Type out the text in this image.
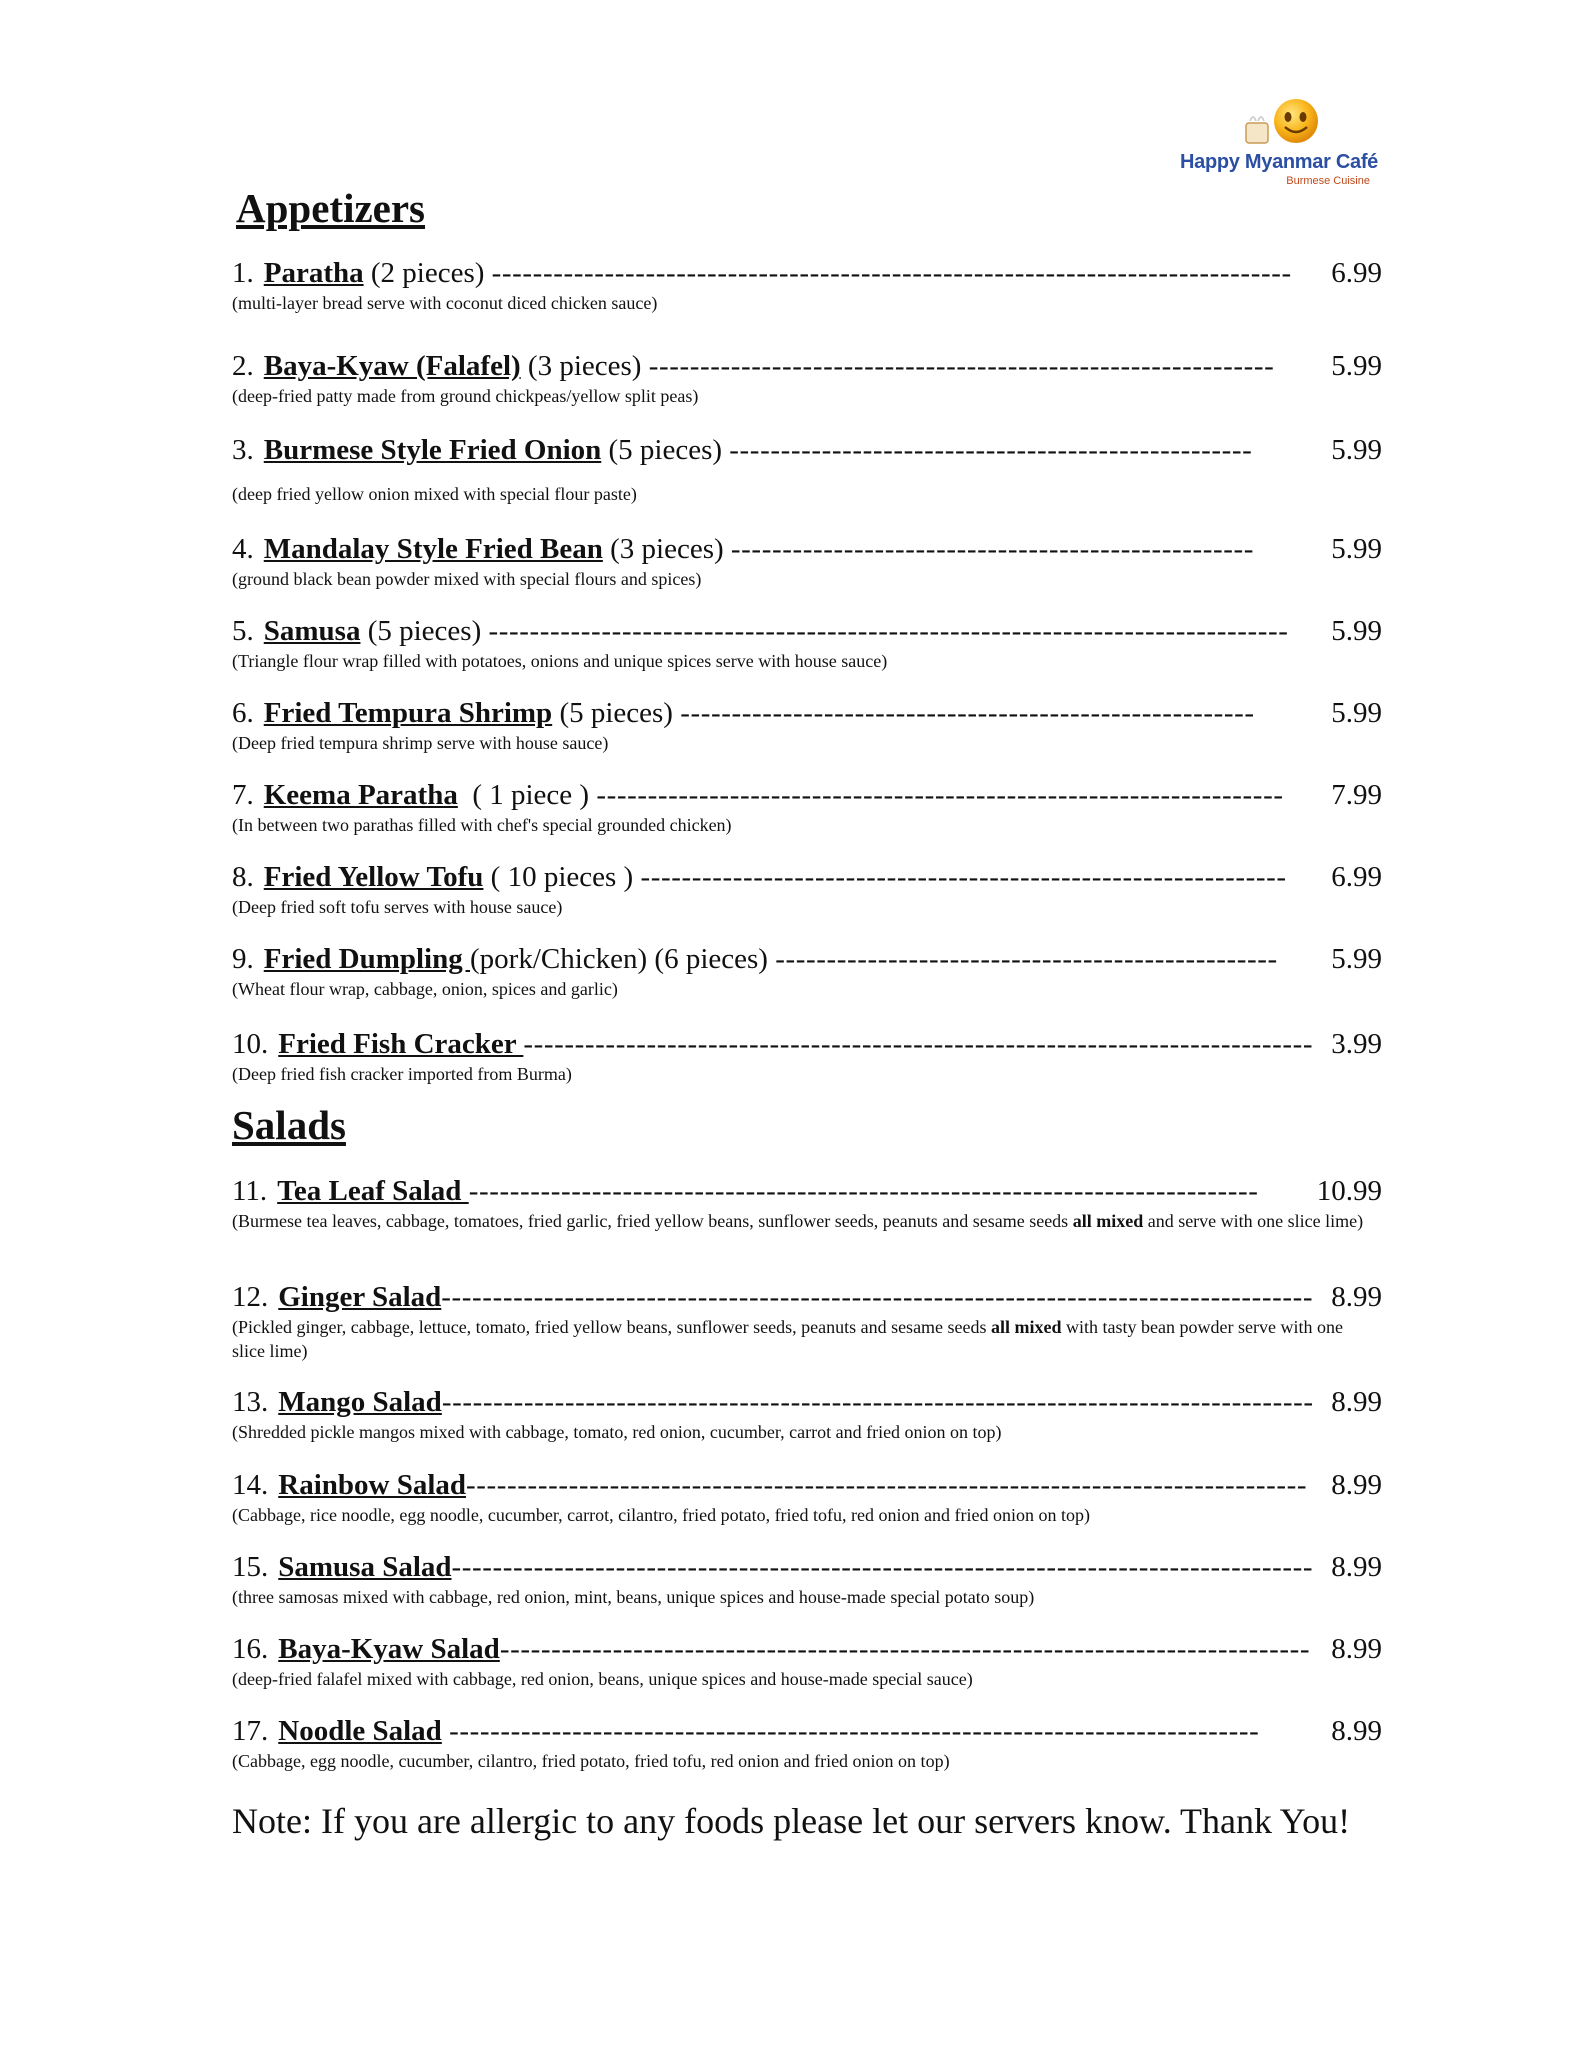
Happy Myanmar Café
Burmese Cuisine
Appetizers
1. Paratha (2 pieces) ------------------------------------------------------------------------------ 6.99
(multi-layer bread serve with coconut diced chicken sauce)
2. Baya-Kyaw (Falafel) (3 pieces) ------------------------------------------------------------- 5.99
(deep-fried patty made from ground chickpeas/yellow split peas)
3. Burmese Style Fried Onion (5 pieces) ---------------------------------------------------	5.99
(deep fried yellow onion mixed with special flour paste)
4. Mandalay Style Fried Bean (3 pieces) ---------------------------------------------------	5.99
(ground black bean powder mixed with special flours and spices)
5. Samusa (5 pieces) ------------------------------------------------------------------------------ 5.99
(Triangle flour wrap filled with potatoes, onions and unique spices serve with house sauce)
6. Fried Tempura Shrimp (5 pieces) --------------------------------------------------------	5.99
(Deep fried tempura shrimp serve with house sauce)
7. Keema Paratha  ( 1 piece ) ------------------------------------------------------------------- 7.99
(In between two parathas filled with chef's special grounded chicken)
8. Fried Yellow Tofu ( 10 pieces ) --------------------------------------------------------------- 6.99
(Deep fried soft tofu serves with house sauce)
9. Fried Dumpling (pork/Chicken) (6 pieces) ------------------------------------------------- 5.99
(Wheat flour wrap, cabbage, onion, spices and garlic)
10. Fried Fish Cracker ----------------------------------------------------------------------------- 3.99
(Deep fried fish cracker imported from Burma)
Salads
11. Tea Leaf Salad ----------------------------------------------------------------------------- 10.99
(Burmese tea leaves, cabbage, tomatoes, fried garlic, fried yellow beans, sunflower seeds, peanuts and sesame seeds all mixed and serve with one slice lime)
12. Ginger Salad------------------------------------------------------------------------------------- 8.99
(Pickled ginger, cabbage, lettuce, tomato, fried yellow beans, sunflower seeds, peanuts and sesame seeds all mixed with tasty bean powder serve with one slice lime)
13. Mango Salad------------------------------------------------------------------------------------- 8.99
(Shredded pickle mangos mixed with cabbage, tomato, red onion, cucumber, carrot and fried onion on top)
14. Rainbow Salad---------------------------------------------------------------------------------- 8.99
(Cabbage, rice noodle, egg noodle, cucumber, carrot, cilantro, fried potato, fried tofu, red onion and fried onion on top)
15. Samusa Salad------------------------------------------------------------------------------------ 8.99
(three samosas mixed with cabbage, red onion, mint, beans, unique spices and house-made special potato soup)
16. Baya-Kyaw Salad------------------------------------------------------------------------------- 8.99
(deep-fried falafel mixed with cabbage, red onion, beans, unique spices and house-made special sauce)
17. Noodle Salad ------------------------------------------------------------------------------- 8.99
(Cabbage, egg noodle, cucumber, cilantro, fried potato, fried tofu, red onion and fried onion on top)
Note: If you are allergic to any foods please let our servers know. Thank You!
